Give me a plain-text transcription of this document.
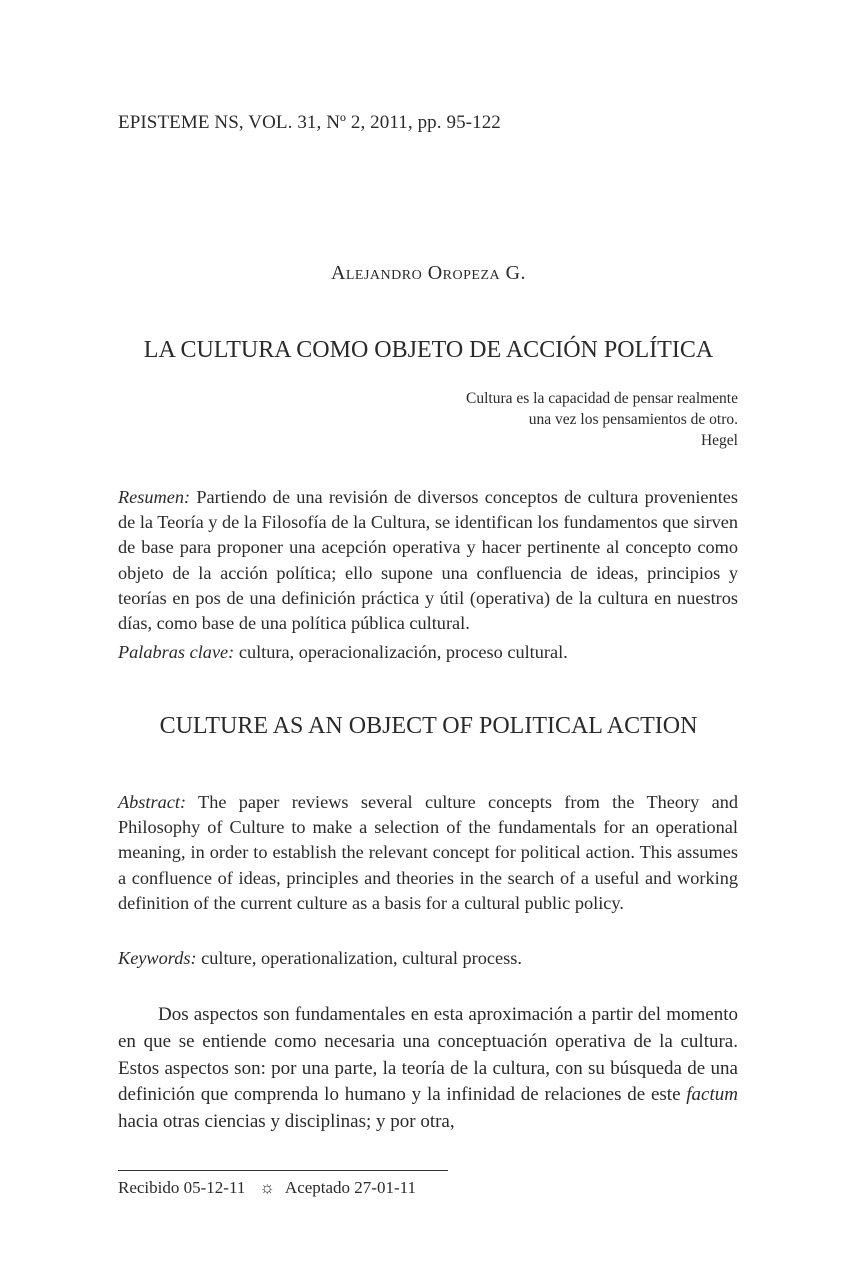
EPISTEME NS, VOL. 31, Nº 2, 2011, pp. 95-122
Alejandro Oropeza G.
LA CULTURA COMO OBJETO DE ACCIÓN POLÍTICA
Cultura es la capacidad de pensar realmente
una vez los pensamientos de otro.
Hegel
Resumen: Partiendo de una revisión de diversos conceptos de cultura provenientes de la Teoría y de la Filosofía de la Cultura, se identifican los fundamentos que sirven de base para proponer una acepción operativa y hacer pertinente al concepto como objeto de la acción política; ello supone una confluencia de ideas, principios y teorías en pos de una definición práctica y útil (operativa) de la cultura en nuestros días, como base de una política pública cultural.
Palabras clave: cultura, operacionalización, proceso cultural.
CULTURE AS AN OBJECT OF POLITICAL ACTION
Abstract: The paper reviews several culture concepts from the Theory and Philosophy of Culture to make a selection of the fundamentals for an operational meaning, in order to establish the relevant concept for political action. This assumes a confluence of ideas, principles and theories in the search of a useful and working definition of the current culture as a basis for a cultural public policy.
Keywords: culture, operationalization, cultural process.
Dos aspectos son fundamentales en esta aproximación a partir del momento en que se entiende como necesaria una conceptuación operativa de la cultura. Estos aspectos son: por una parte, la teoría de la cultura, con su búsqueda de una definición que comprenda lo humano y la infinidad de relaciones de este factum hacia otras ciencias y disciplinas; y por otra,
Recibido 05-12-11 ☼ Aceptado 27-01-11
